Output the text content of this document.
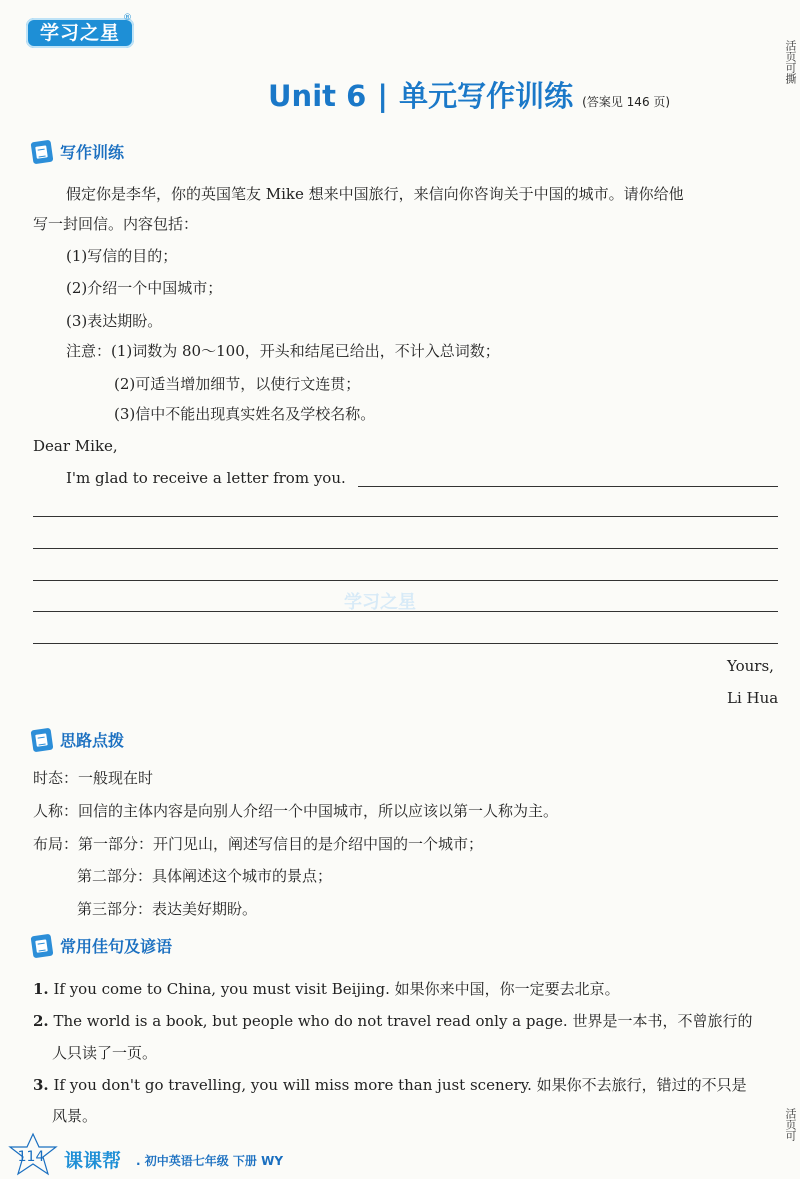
学习之星
®
Unit 6 | 单元写作训练 (答案见 146 页)
活页可撕
活页可
写作训练
假定你是李华，你的英国笔友 Mike 想来中国旅行，来信向你咨询关于中国的城市。请你给他
写一封回信。内容包括：
(1)写信的目的；
(2)介绍一个中国城市；
(3)表达期盼。
注意：(1)词数为 80～100，开头和结尾已给出，不计入总词数；
(2)可适当增加细节，以使行文连贯；
(3)信中不能出现真实姓名及学校名称。
Dear Mike,
I'm glad to receive a letter from you.
学习之星
Yours,
Li Hua
思路点拨
时态：一般现在时
人称：回信的主体内容是向别人介绍一个中国城市，所以应该以第一人称为主。
布局：第一部分：开门见山，阐述写信目的是介绍中国的一个城市；
第二部分：具体阐述这个城市的景点；
第三部分：表达美好期盼。
常用佳句及谚语
1. If you come to China, you must visit Beijing. 如果你来中国，你一定要去北京。
2. The world is a book, but people who do not travel read only a page. 世界是一本书，不曾旅行的
人只读了一页。
3. If you don't go travelling, you will miss more than just scenery. 如果你不去旅行，错过的不只是
风景。
114	课课帮 . 初中英语七年级 下册 WY
